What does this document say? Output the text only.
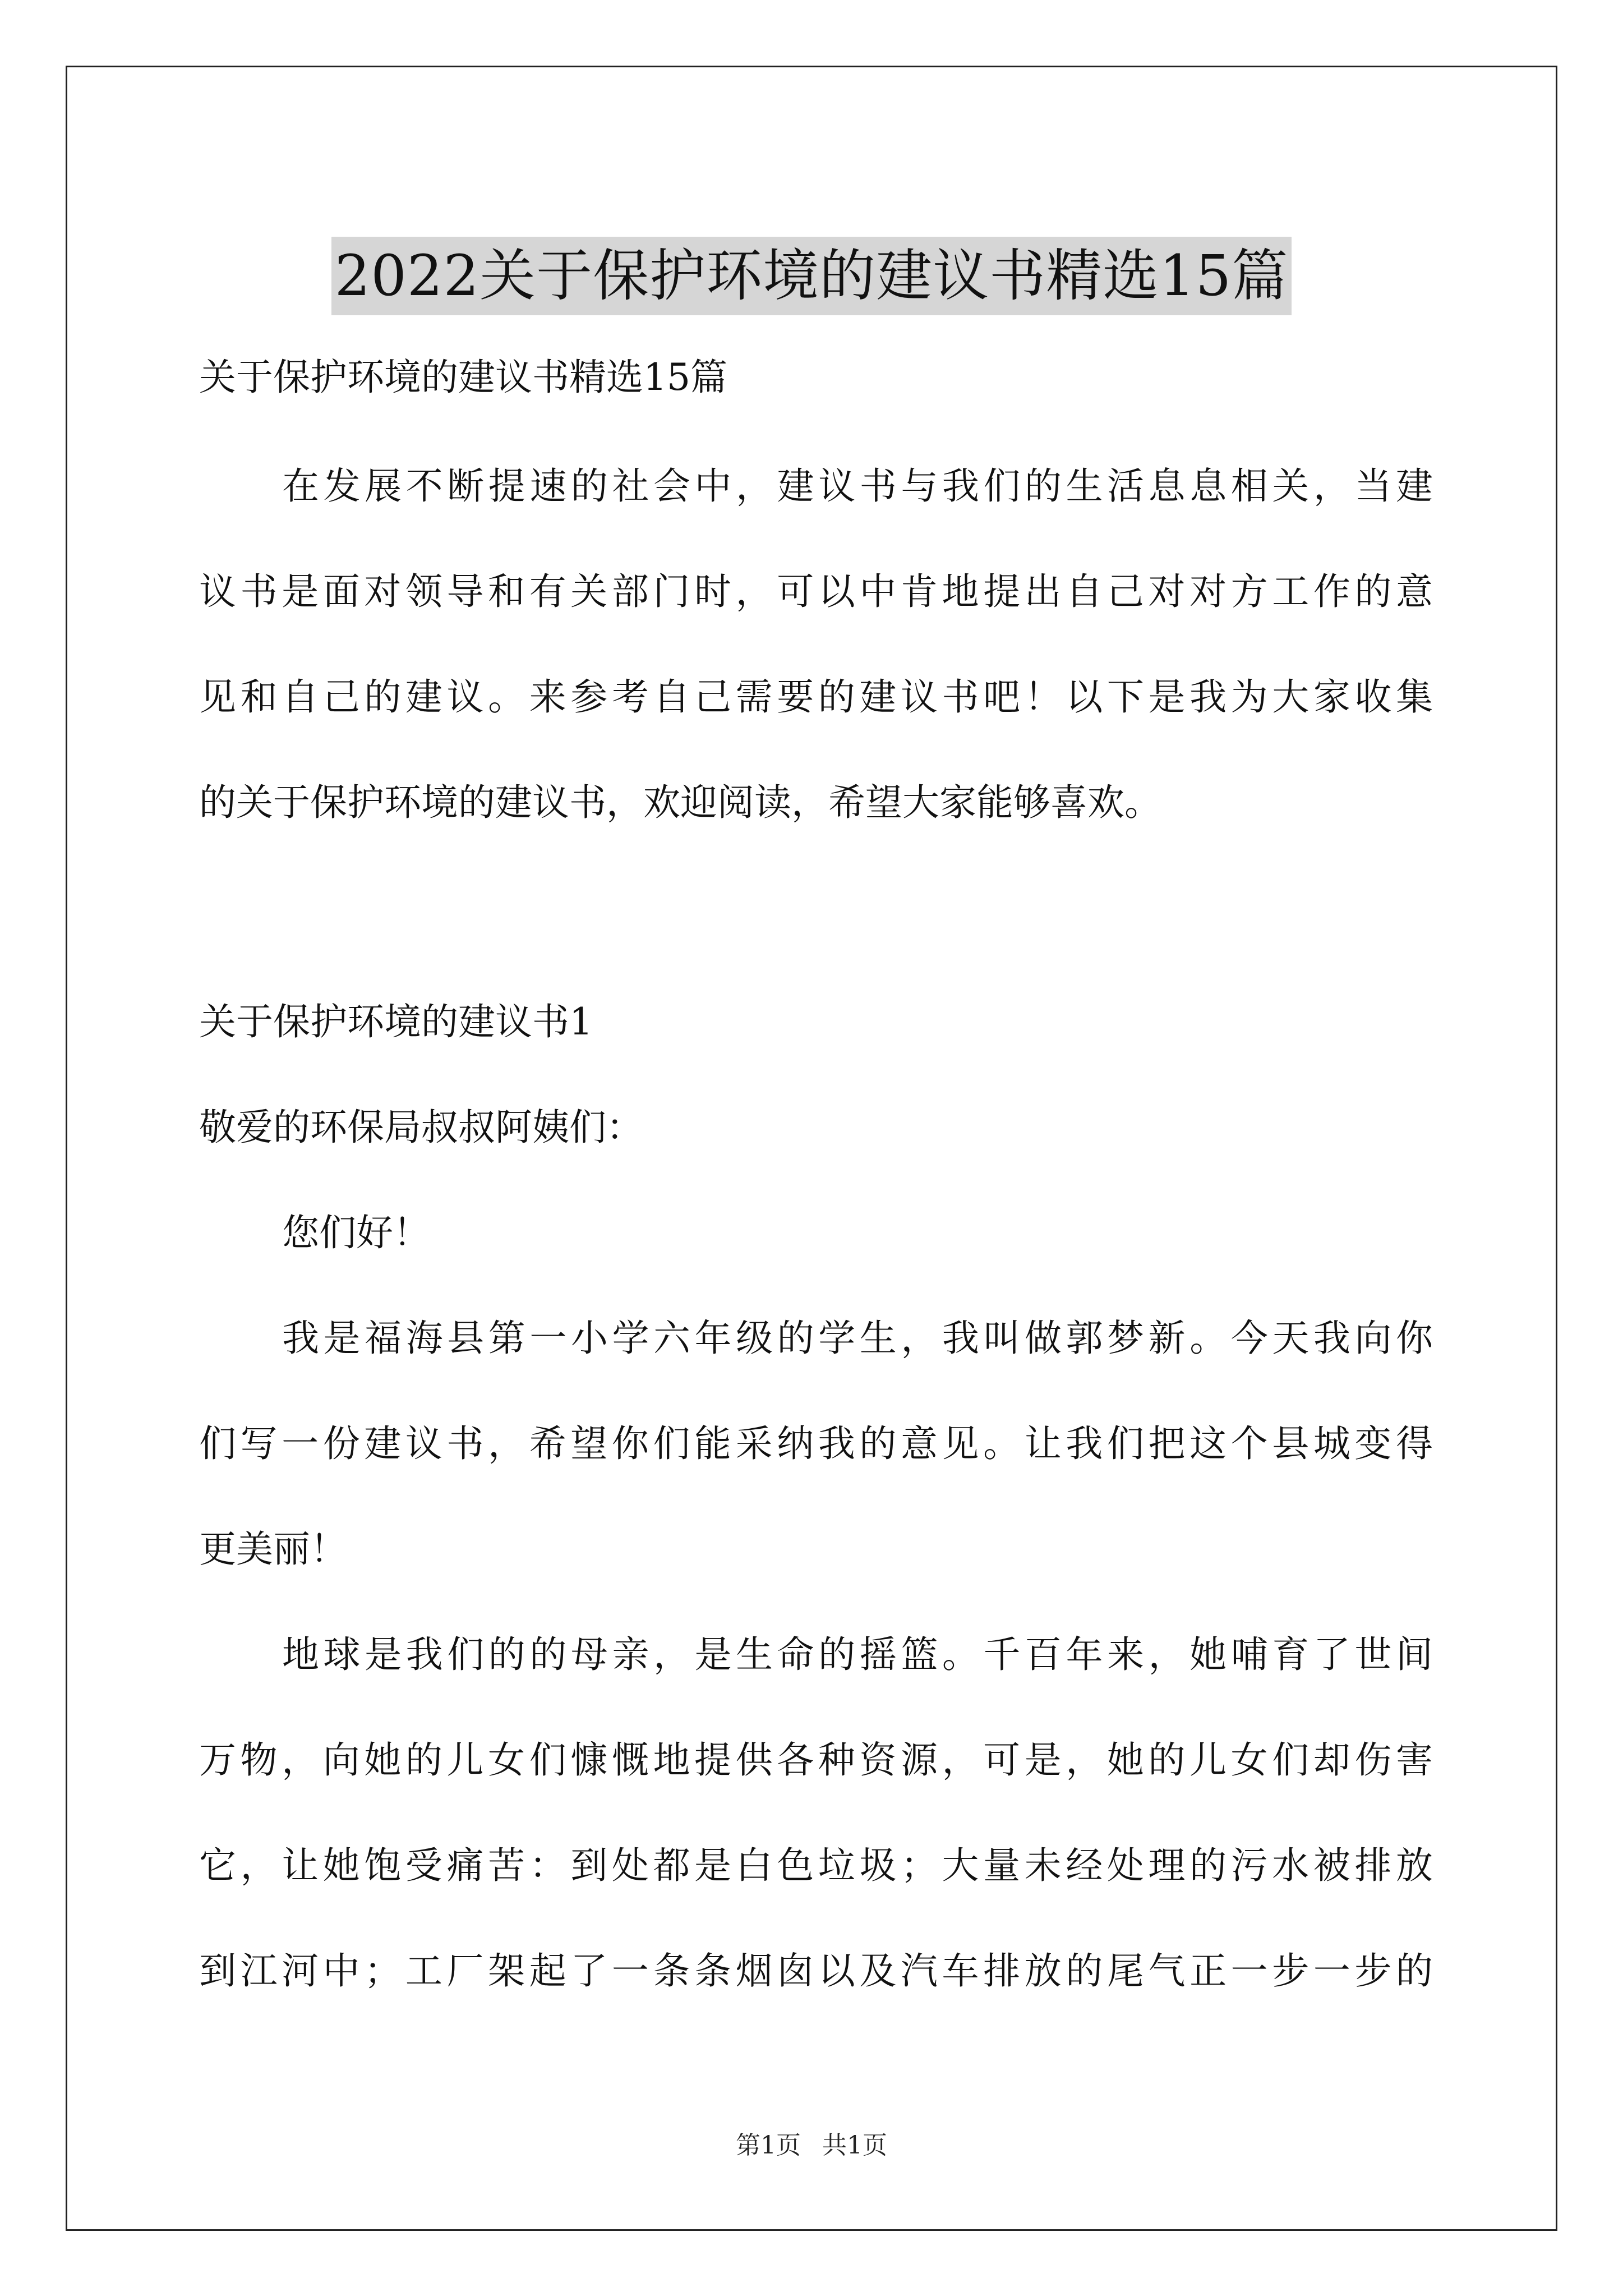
2022关于保护环境的建议书精选15篇
关于保护环境的建议书精选15篇
在发展不断提速的社会中，建议书与我们的生活息息相关，当建
议书是面对领导和有关部门时，可以中肯地提出自己对对方工作的意
见和自己的建议。来参考自己需要的建议书吧！以下是我为大家收集
的关于保护环境的建议书，欢迎阅读，希望大家能够喜欢。
关于保护环境的建议书1
敬爱的环保局叔叔阿姨们：
您们好！
我是福海县第一小学六年级的学生，我叫做郭梦新。今天我向你
们写一份建议书，希望你们能采纳我的意见。让我们把这个县城变得
更美丽！
地球是我们的的母亲，是生命的摇篮。千百年来，她哺育了世间
万物，向她的儿女们慷慨地提供各种资源，可是，她的儿女们却伤害
它，让她饱受痛苦：到处都是白色垃圾；大量未经处理的污水被排放
到江河中；工厂架起了一条条烟囱以及汽车排放的尾气正一步一步的
第1页 共1页
